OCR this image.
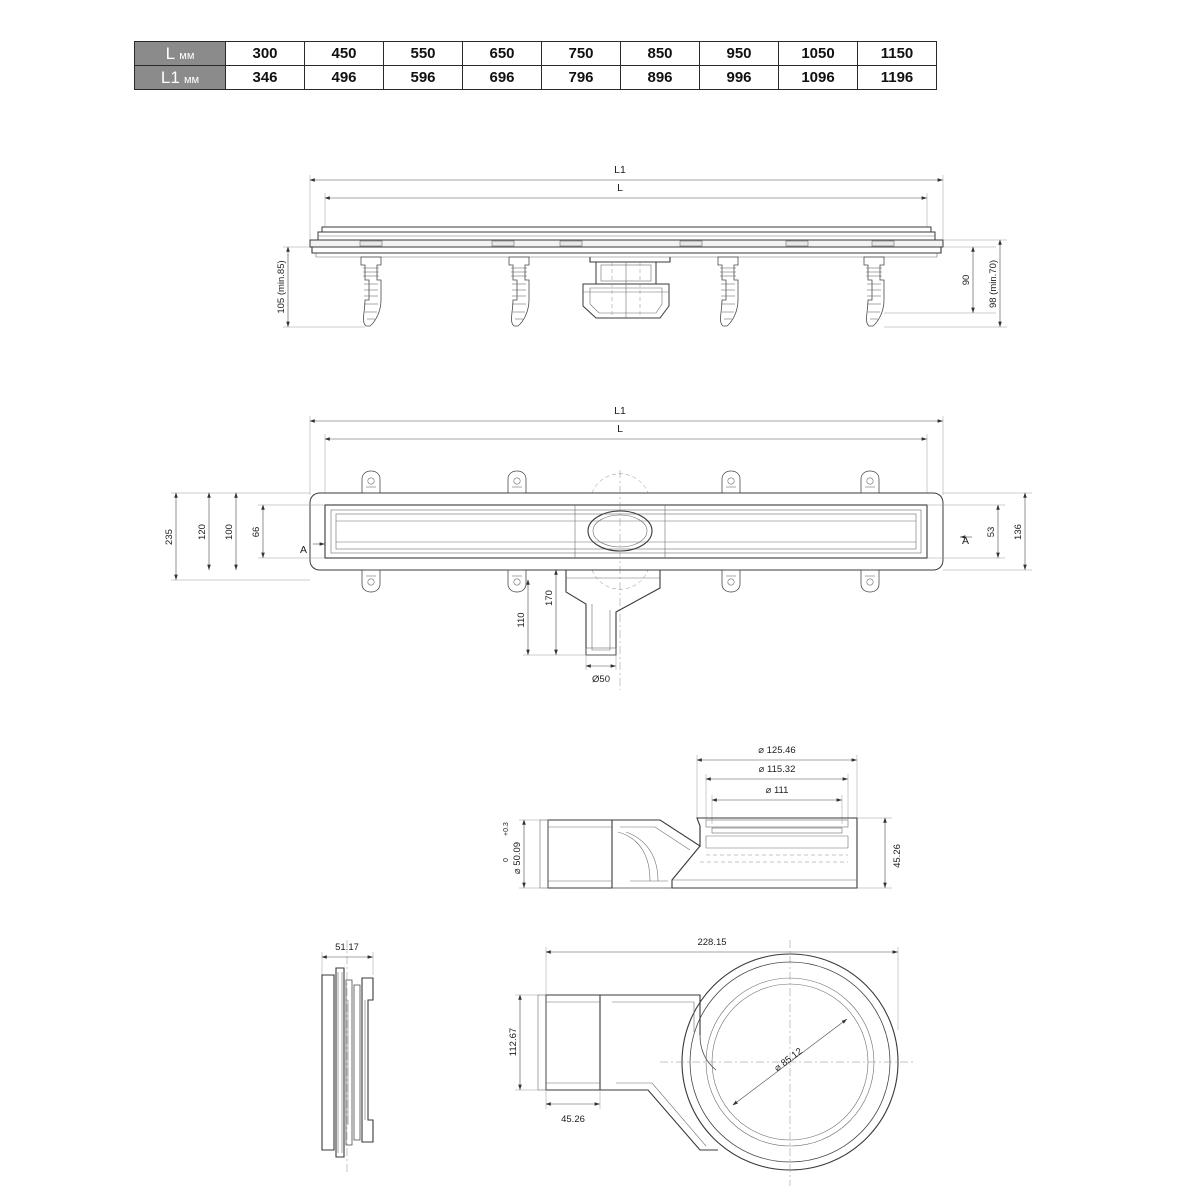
L мм	300	450	550	650	750	850	950	1050	1150
L1 мм	346	496	596	696	796	896	996	1096	1196
L1
L
105 (min.85)	90 98 (min.70)
L1
L
235 120 100 66	53 136
170
110
Ø50
A
A
⌀ 125.46
⌀ 115.32
⌀ 111
⌀ 50.09
+0.3
0	45.26
51.17	228.15
⌀ 85.12
112.67
45.26
